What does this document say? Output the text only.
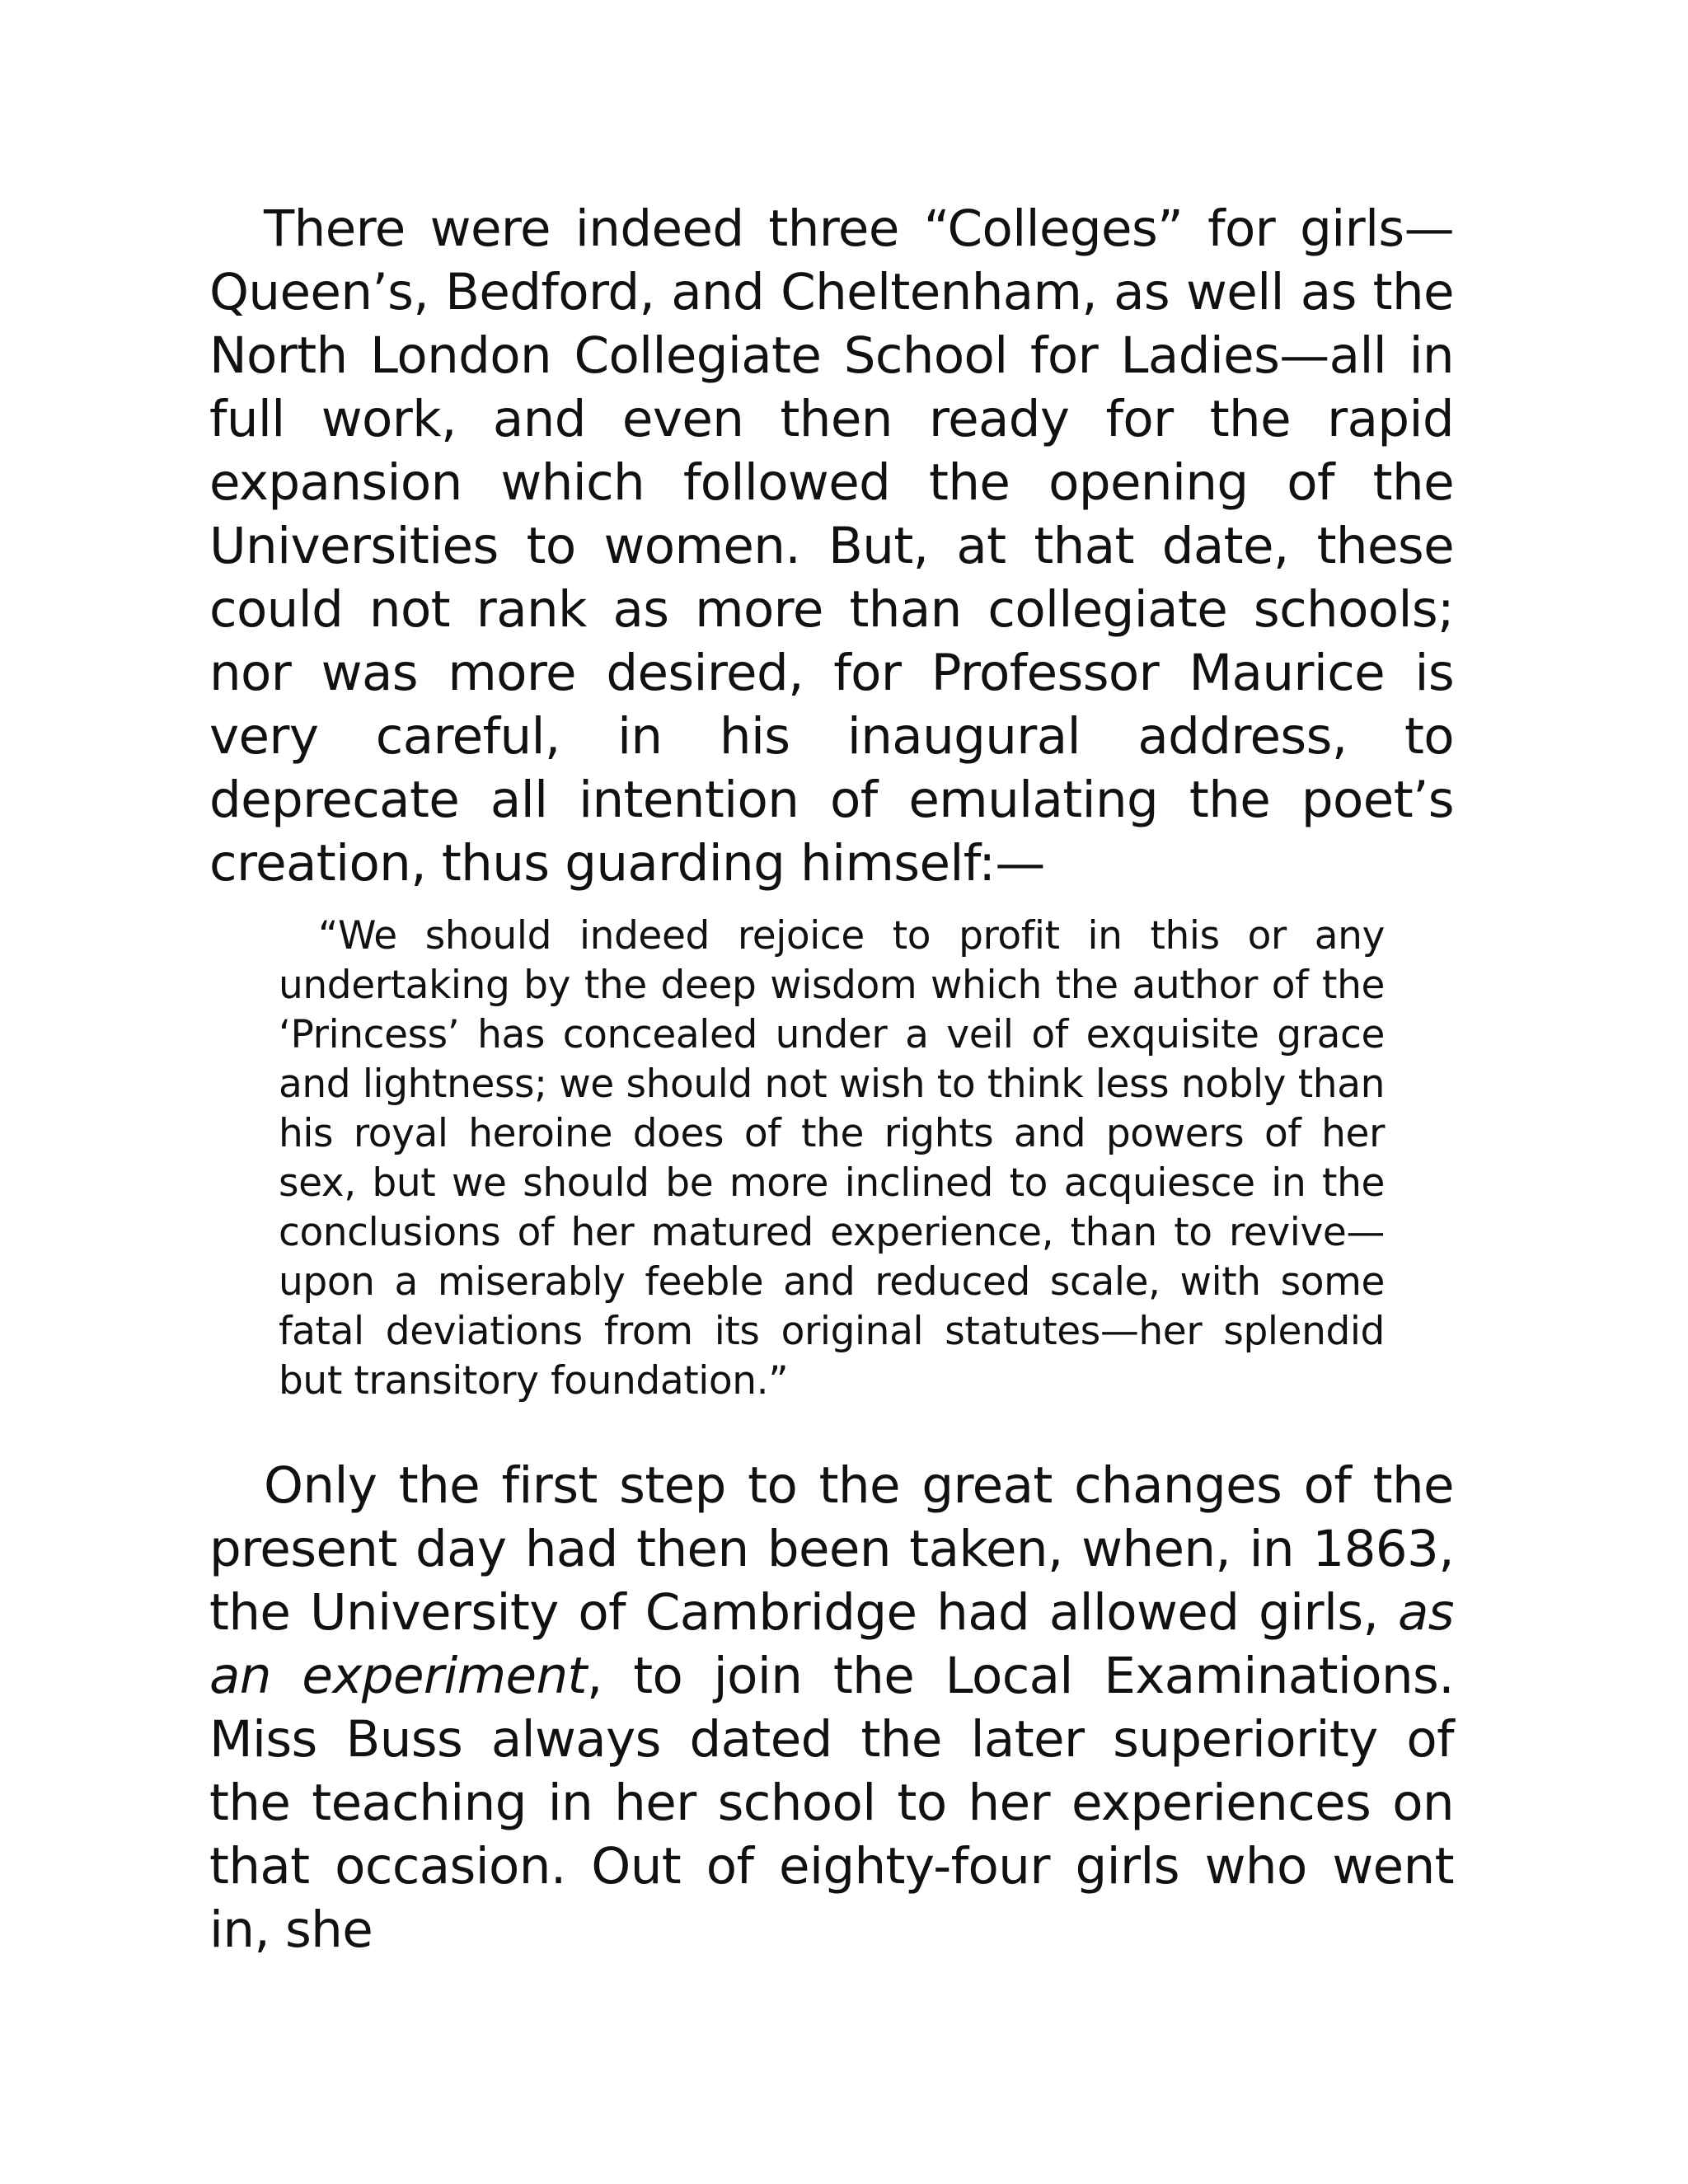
There were indeed three “Colleges” for girls—Queen’s, Bedford, and Cheltenham, as well as the North London Collegiate School for Ladies—all in full work, and even then ready for the rapid expansion which followed the opening of the Universities to women. But, at that date, these could not rank as more than collegiate schools; nor was more desired, for Professor Maurice is very careful, in his inaugural address, to deprecate all intention of emulating the poet’s creation, thus guarding himself:—

“We should indeed rejoice to profit in this or any undertaking by the deep wisdom which the author of the ‘Princess’ has concealed under a veil of exquisite grace and lightness; we should not wish to think less nobly than his royal heroine does of the rights and powers of her sex, but we should be more inclined to acquiesce in the conclusions of her matured experience, than to revive—upon a miserably feeble and reduced scale, with some fatal deviations from its original statutes—her splendid but transitory foundation.”

Only the first step to the great changes of the present day had then been taken, when, in 1863, the University of Cambridge had allowed girls, as an experiment, to join the Local Examinations. Miss Buss always dated the later superiority of the teaching in her school to her experiences on that occasion. Out of eighty-four girls who went in, she
